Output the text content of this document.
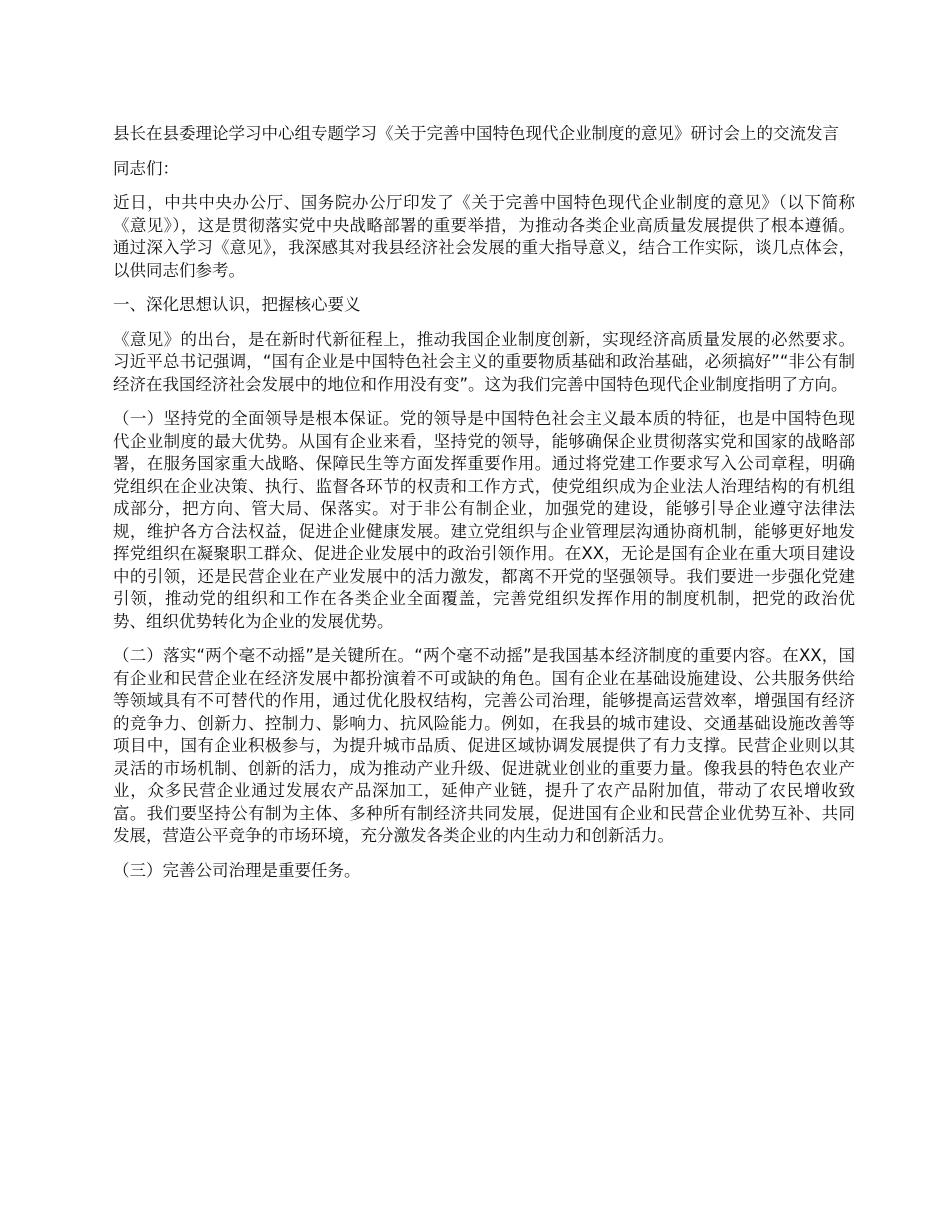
县长在县委理论学习中心组专题学习《关于完善中国特色现代企业制度的意见》研讨会上的交流发言

同志们：

近日，中共中央办公厅、国务院办公厅印发了《关于完善中国特色现代企业制度的意见》（以下简称《意见》），这是贯彻落实党中央战略部署的重要举措，为推动各类企业高质量发展提供了根本遵循。通过深入学习《意见》，我深感其对我县经济社会发展的重大指导意义，结合工作实际，谈几点体会，以供同志们参考。

一、深化思想认识，把握核心要义

《意见》的出台，是在新时代新征程上，推动我国企业制度创新，实现经济高质量发展的必然要求。习近平总书记强调，“国有企业是中国特色社会主义的重要物质基础和政治基础，必须搞好”“非公有制经济在我国经济社会发展中的地位和作用没有变”。这为我们完善中国特色现代企业制度指明了方向。

（一）坚持党的全面领导是根本保证。党的领导是中国特色社会主义最本质的特征，也是中国特色现代企业制度的最大优势。从国有企业来看，坚持党的领导，能够确保企业贯彻落实党和国家的战略部署，在服务国家重大战略、保障民生等方面发挥重要作用。通过将党建工作要求写入公司章程，明确党组织在企业决策、执行、监督各环节的权责和工作方式，使党组织成为企业法人治理结构的有机组成部分，把方向、管大局、保落实。对于非公有制企业，加强党的建设，能够引导企业遵守法律法规，维护各方合法权益，促进企业健康发展。建立党组织与企业管理层沟通协商机制，能够更好地发挥党组织在凝聚职工群众、促进企业发展中的政治引领作用。在XX，无论是国有企业在重大项目建设中的引领，还是民营企业在产业发展中的活力激发，都离不开党的坚强领导。我们要进一步强化党建引领，推动党的组织和工作在各类企业全面覆盖，完善党组织发挥作用的制度机制，把党的政治优势、组织优势转化为企业的发展优势。

（二）落实“两个毫不动摇”是关键所在。“两个毫不动摇”是我国基本经济制度的重要内容。在XX，国有企业和民营企业在经济发展中都扮演着不可或缺的角色。国有企业在基础设施建设、公共服务供给等领域具有不可替代的作用，通过优化股权结构，完善公司治理，能够提高运营效率，增强国有经济的竞争力、创新力、控制力、影响力、抗风险能力。例如，在我县的城市建设、交通基础设施改善等项目中，国有企业积极参与，为提升城市品质、促进区域协调发展提供了有力支撑。民营企业则以其灵活的市场机制、创新的活力，成为推动产业升级、促进就业创业的重要力量。像我县的特色农业产业，众多民营企业通过发展农产品深加工，延伸产业链，提升了农产品附加值，带动了农民增收致富。我们要坚持公有制为主体、多种所有制经济共同发展，促进国有企业和民营企业优势互补、共同发展，营造公平竞争的市场环境，充分激发各类企业的内生动力和创新活力。

（三）完善公司治理是重要任务。
